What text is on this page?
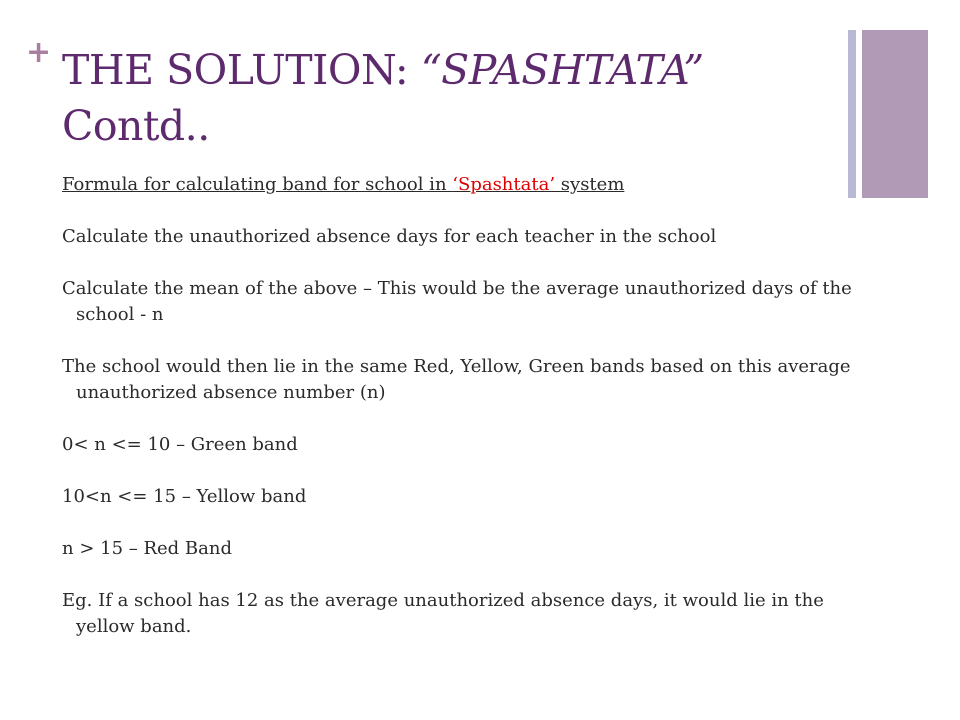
+ THE SOLUTION: “SPASHTATA”
Contd..

Formula for calculating band for school in ‘Spashtata’ system

Calculate the unauthorized absence days for each teacher in the school

Calculate the mean of the above – This would be the average unauthorized days of the school - n

The school would then lie in the same Red, Yellow, Green bands based on this average unauthorized absence number (n)

0< n <= 10 – Green band

10<n <= 15 – Yellow band

n > 15 – Red Band

Eg. If a school has 12 as the average unauthorized absence days, it would lie in the yellow band.
